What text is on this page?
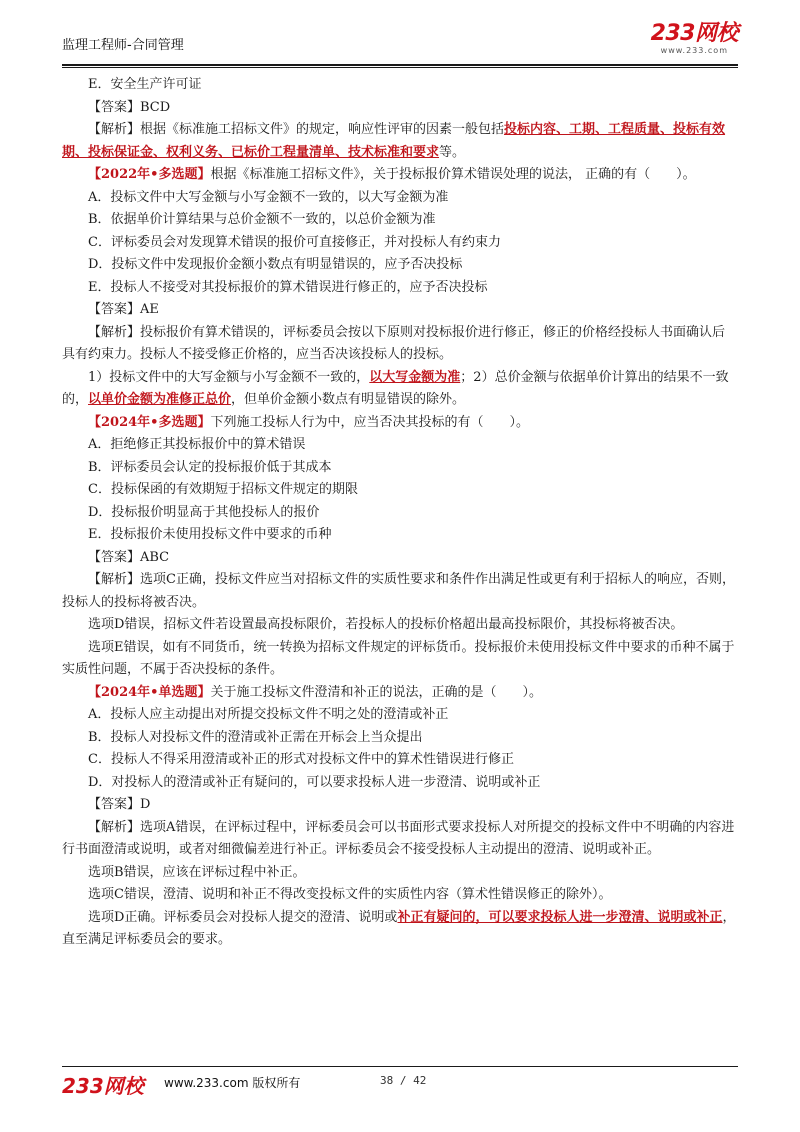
监理工程师-合同管理	233网校
www.233.com

E．安全生产许可证

【答案】BCD

【解析】根据《标准施工招标文件》的规定，响应性评审的因素一般包括投标内容、工期、工程质量、投标有效期、投标保证金、权利义务、已标价工程量清单、技术标准和要求等。

【2022年•多选题】根据《标准施工招标文件》，关于投标报价算术错误处理的说法， 正确的有（　　）。

A．投标文件中大写金额与小写金额不一致的，以大写金额为准

B．依据单价计算结果与总价金额不一致的，以总价金额为准

C．评标委员会对发现算术错误的报价可直接修正，并对投标人有约束力

D．投标文件中发现报价金额小数点有明显错误的，应予否决投标

E．投标人不接受对其投标报价的算术错误进行修正的，应予否决投标

【答案】AE

【解析】投标报价有算术错误的，评标委员会按以下原则对投标报价进行修正，修正的价格经投标人书面确认后具有约束力。投标人不接受修正价格的，应当否决该投标人的投标。

1）投标文件中的大写金额与小写金额不一致的，以大写金额为准；2）总价金额与依据单价计算出的结果不一致的，以单价金额为准修正总价，但单价金额小数点有明显错误的除外。

【2024年•多选题】下列施工投标人行为中，应当否决其投标的有（　　）。

A．拒绝修正其投标报价中的算术错误

B．评标委员会认定的投标报价低于其成本

C．投标保函的有效期短于招标文件规定的期限

D．投标报价明显高于其他投标人的报价

E．投标报价未使用投标文件中要求的币种

【答案】ABC

【解析】选项C正确，投标文件应当对招标文件的实质性要求和条件作出满足性或更有利于招标人的响应，否则，投标人的投标将被否决。

选项D错误，招标文件若设置最高投标限价，若投标人的投标价格超出最高投标限价，其投标将被否决。

选项E错误，如有不同货币，统一转换为招标文件规定的评标货币。投标报价未使用投标文件中要求的币种不属于实质性问题，不属于否决投标的条件。

【2024年•单选题】关于施工投标文件澄清和补正的说法，正确的是（　　）。

A．投标人应主动提出对所提交投标文件不明之处的澄清或补正

B．投标人对投标文件的澄清或补正需在开标会上当众提出

C．投标人不得采用澄清或补正的形式对投标文件中的算术性错误进行修正

D．对投标人的澄清或补正有疑问的，可以要求投标人进一步澄清、说明或补正

【答案】D

【解析】选项A错误，在评标过程中，评标委员会可以书面形式要求投标人对所提交的投标文件中不明确的内容进行书面澄清或说明，或者对细微偏差进行补正。评标委员会不接受投标人主动提出的澄清、说明或补正。

选项B错误，应该在评标过程中补正。

选项C错误，澄清、说明和补正不得改变投标文件的实质性内容（算术性错误修正的除外）。

选项D正确。评标委员会对投标人提交的澄清、说明或补正有疑问的，可以要求投标人进一步澄清、说明或补正，直至满足评标委员会的要求。

233网校 www.233.com 版权所有	38 / 42
